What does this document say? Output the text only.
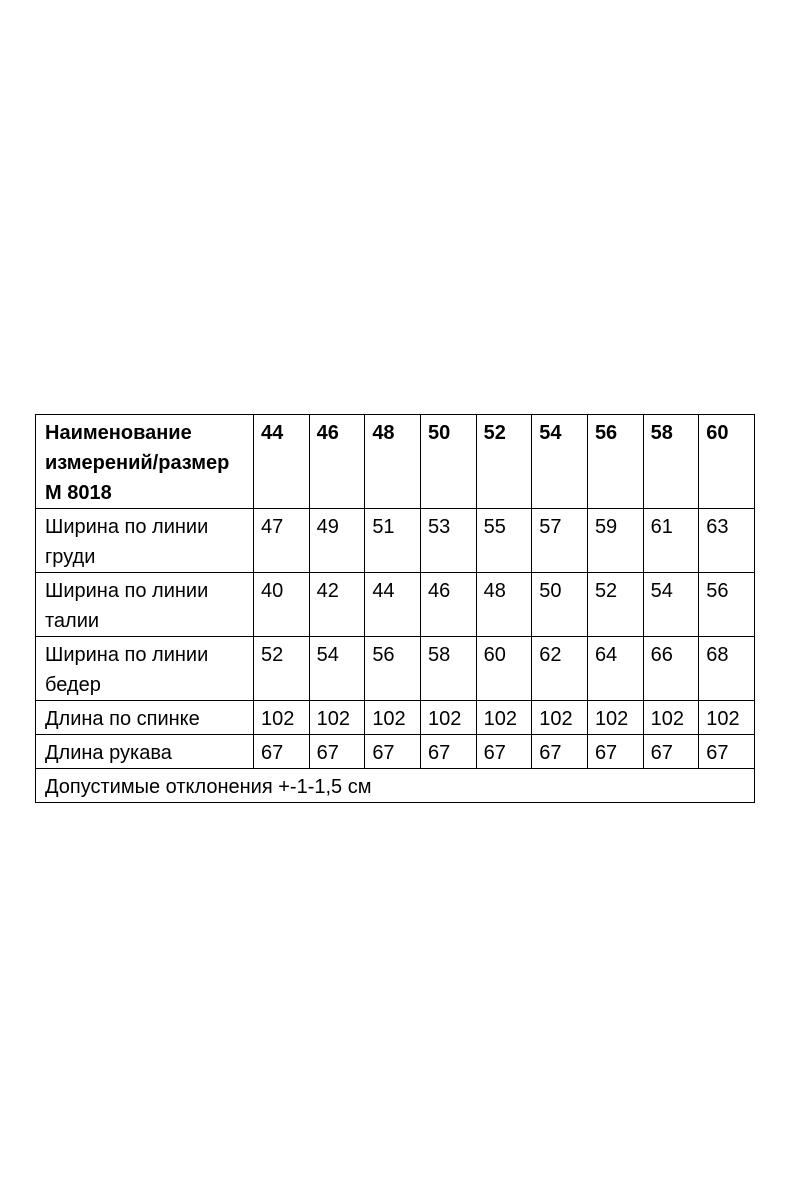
Наименование
измерений/размер
М 8018	44	46	48	50	52	54	56	58	60

Ширина по линии
груди	47	49	51	53	55	57	59	61	63

Ширина по линии
талии	40	42	44	46	48	50	52	54	56

Ширина по линии
бедер	52	54	56	58	60	62	64	66	68
Длина по спинке	102	102	102	102	102	102	102	102	102
Длина рукава	67	67	67	67	67	67	67	67	67
Допустимые отклонения +-1-1,5 см									
